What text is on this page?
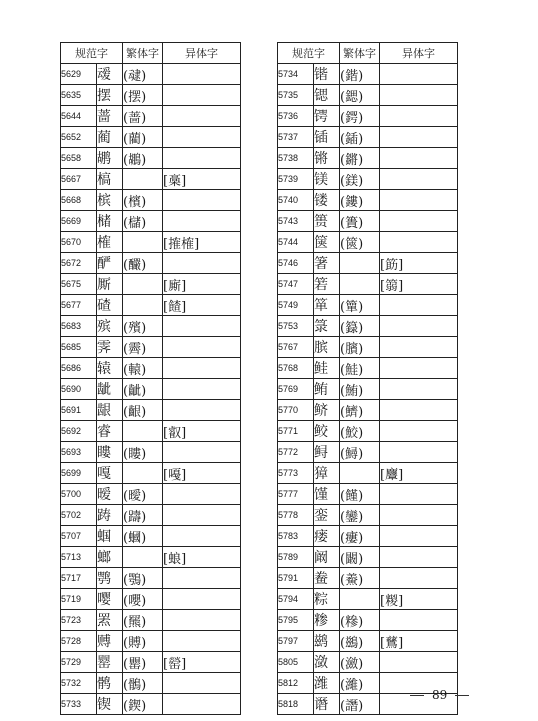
规范字		繁体字	异体字
5629	叆	(叇)	
5635	摆	(摆)	
5644	蔷	(蔷)	
5652	蔺	(藺)	
5658	鹕	(鶘)	
5667	槁		[槀]
5668	槟	(檳)	
5669	槠	(櫧)	
5670	榷		[搉榷]
5672	酽	(釅)	
5675	厮		[廝]
5677	碴		[餷]
5683	殡	(殯)	
5685	霁	(霽)	
5686	辕	(轅)	
5690	龇	(齜)	
5691	龈	(齦)	
5692	睿		[叡]
5693	瞜	(瞜)	
5699	嘎		[嘠]
5700	暧	(曖)	
5702	踌	(躊)	
5707	蝈	(蟈)	
5713	螂		[蜋]
5717	鹗	(鶚)	
5719	嘤	(嚶)	
5723	罴	(羆)	
5728	赙	(賻)	
5729	罂	(罌)	[罃]
5732	鹘	(鶻)	
5733	锲	(鍥)	
规范字		繁体字	异体字
5734	锴	(鍇)	
5735	锶	(鍶)	
5736	锷	(鍔)	
5737	锸	(鍤)	
5738	锵	(鏘)	
5739	镁	(鎂)	
5740	镂	(鏤)	
5743	篑	(簣)	
5744	箧	(篋)	
5746	箸		[筯]
5747	箬		[篛]
5749	箪	(簞)	
5753	箓	(籙)	
5767	膑	(臏)	
5768	鲑	(鮭)	
5769	鲔	(鮪)	
5770	鲚	(鱭)	
5771	鲛	(鮫)	
5772	鲟	(鱘)	
5773	獐		[麞]
5777	馑	(饉)	
5778	銮	(鑾)	
5783	瘘	(瘻)	
5789	阚	(闞)	
5791	鲞	(鯗)	
5794	粽		[糉]
5795	糁	(糝)	
5797	鹚	(鷀)	[鶿]
5805	潋	(瀲)	
5812	潍	(濰)	
5818	谮	(譖)	
89
